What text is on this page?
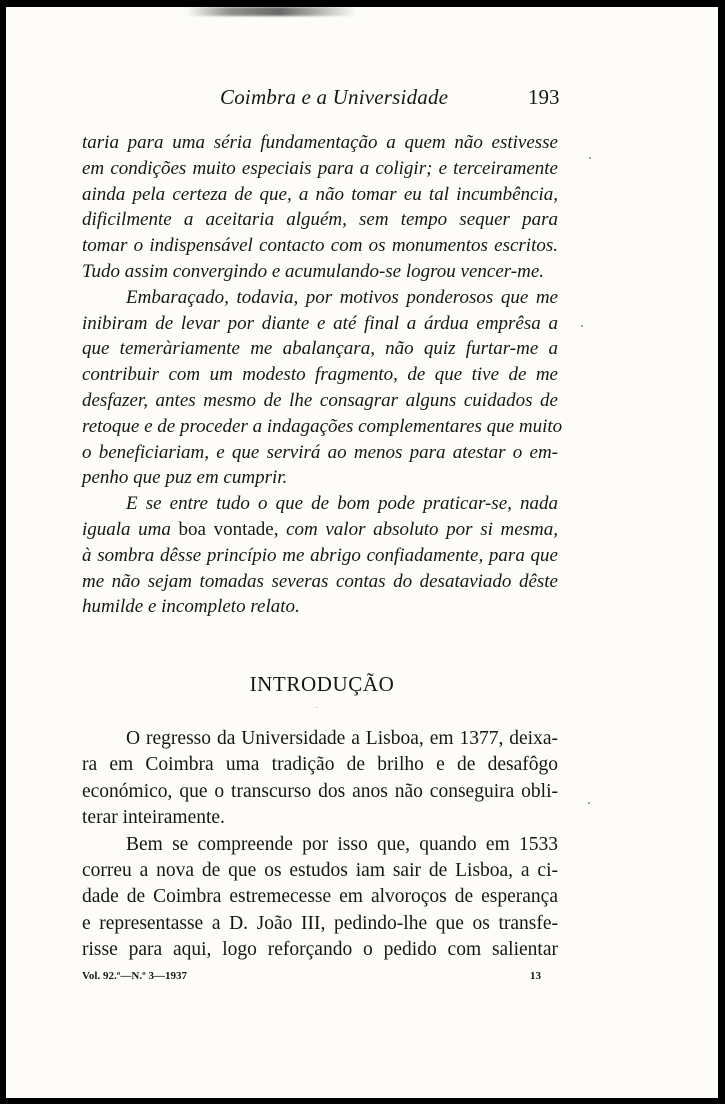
Coimbra e a Universidade	193
taria para uma séria fundamentação a quem não estivesse
em condições muito especiais para a coligir; e terceiramente
ainda pela certeza de que, a não tomar eu tal incumbência,
dificilmente a aceitaria alguém, sem tempo sequer para
tomar o indispensável contacto com os monumentos escritos.
Tudo assim convergindo e acumulando-se logrou vencer-me.
Embaraçado, todavia, por motivos ponderosos que me
inibiram de levar por diante e até final a árdua emprêsa a
que temeràriamente me abalançara, não quiz furtar-me a
contribuir com um modesto fragmento, de que tive de me
desfazer, antes mesmo de lhe consagrar alguns cuidados de
retoque e de proceder a indagações complementares que muito
o beneficiariam, e que servirá ao menos para atestar o em-
penho que puz em cumprir.
E se entre tudo o que de bom pode praticar-se, nada
iguala uma boa vontade, com valor absoluto por si mesma,
à sombra dêsse princípio me abrigo confiadamente, para que
me não sejam tomadas severas contas do desataviado dêste
humilde e incompleto relato.
INTRODUÇÃO
O regresso da Universidade a Lisboa, em 1377, deixa-
ra em Coimbra uma tradição de brilho e de desafôgo
económico, que o transcurso dos anos não conseguira obli-
terar inteiramente.
Bem se compreende por isso que, quando em 1533
correu a nova de que os estudos iam sair de Lisboa, a ci-
dade de Coimbra estremecesse em alvoroços de esperança
e representasse a D. João III, pedindo-lhe que os transfe-
risse para aqui, logo reforçando o pedido com salientar
Vol. 92.º—N.º 3—1937	13
